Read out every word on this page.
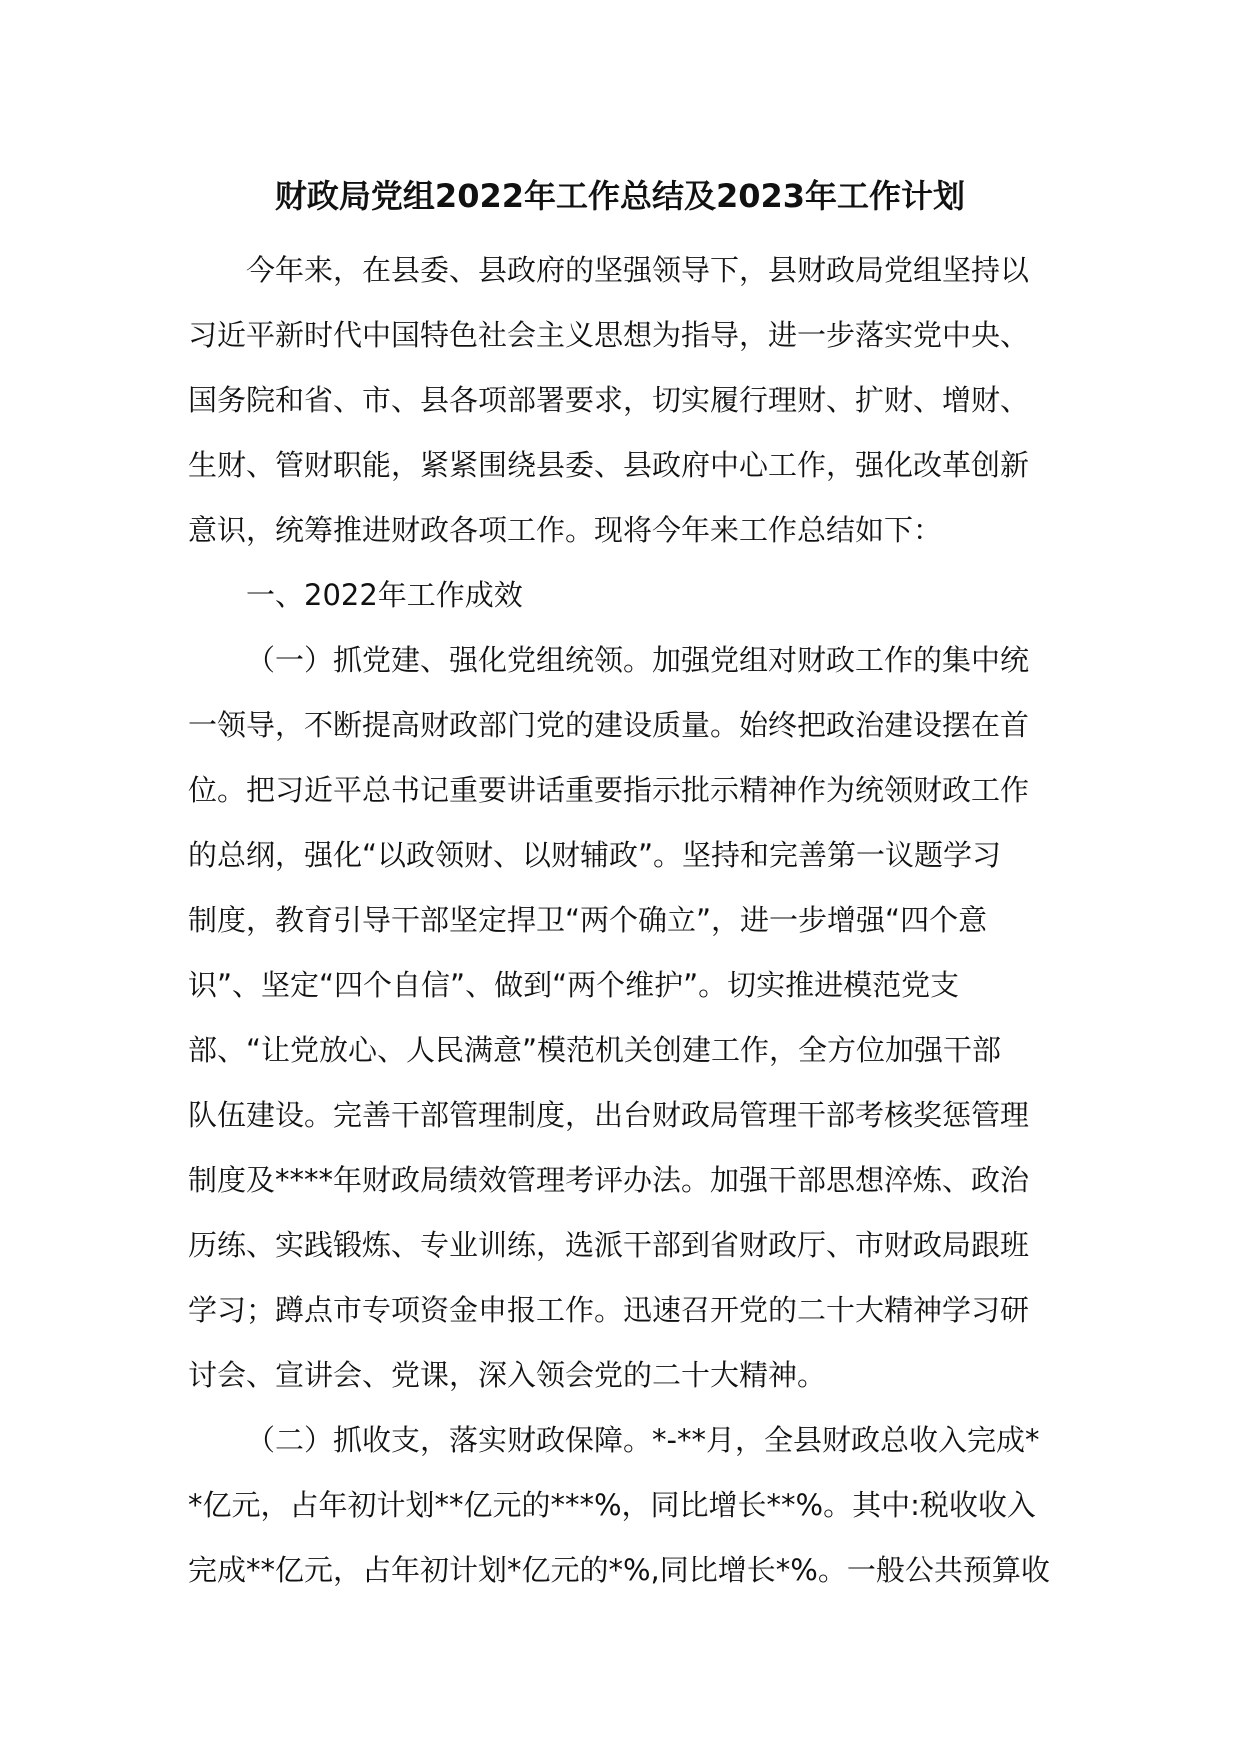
财政局党组2022年工作总结及2023年工作计划
今年来，在县委、县政府的坚强领导下，县财政局党组坚持以
习近平新时代中国特色社会主义思想为指导，进一步落实党中央、
国务院和省、市、县各项部署要求，切实履行理财、扩财、增财、
生财、管财职能，紧紧围绕县委、县政府中心工作，强化改革创新
意识，统筹推进财政各项工作。现将今年来工作总结如下：
一、2022年工作成效
（一）抓党建、强化党组统领。加强党组对财政工作的集中统
一领导，不断提高财政部门党的建设质量。始终把政治建设摆在首
位。把习近平总书记重要讲话重要指示批示精神作为统领财政工作
的总纲，强化“以政领财、以财辅政”。坚持和完善第一议题学习
制度，教育引导干部坚定捍卫“两个确立”，进一步增强“四个意
识”、坚定“四个自信”、做到“两个维护”。切实推进模范党支
部、“让党放心、人民满意”模范机关创建工作，全方位加强干部
队伍建设。完善干部管理制度，出台财政局管理干部考核奖惩管理
制度及****年财政局绩效管理考评办法。加强干部思想淬炼、政治
历练、实践锻炼、专业训练，选派干部到省财政厅、市财政局跟班
学习；蹲点市专项资金申报工作。迅速召开党的二十大精神学习研
讨会、宣讲会、党课，深入领会党的二十大精神。
（二）抓收支，落实财政保障。*-**月，全县财政总收入完成*
*亿元，占年初计划**亿元的***%，同比增长**%。其中:税收收入
完成**亿元，占年初计划*亿元的*%,同比增长*%。一般公共预算收
